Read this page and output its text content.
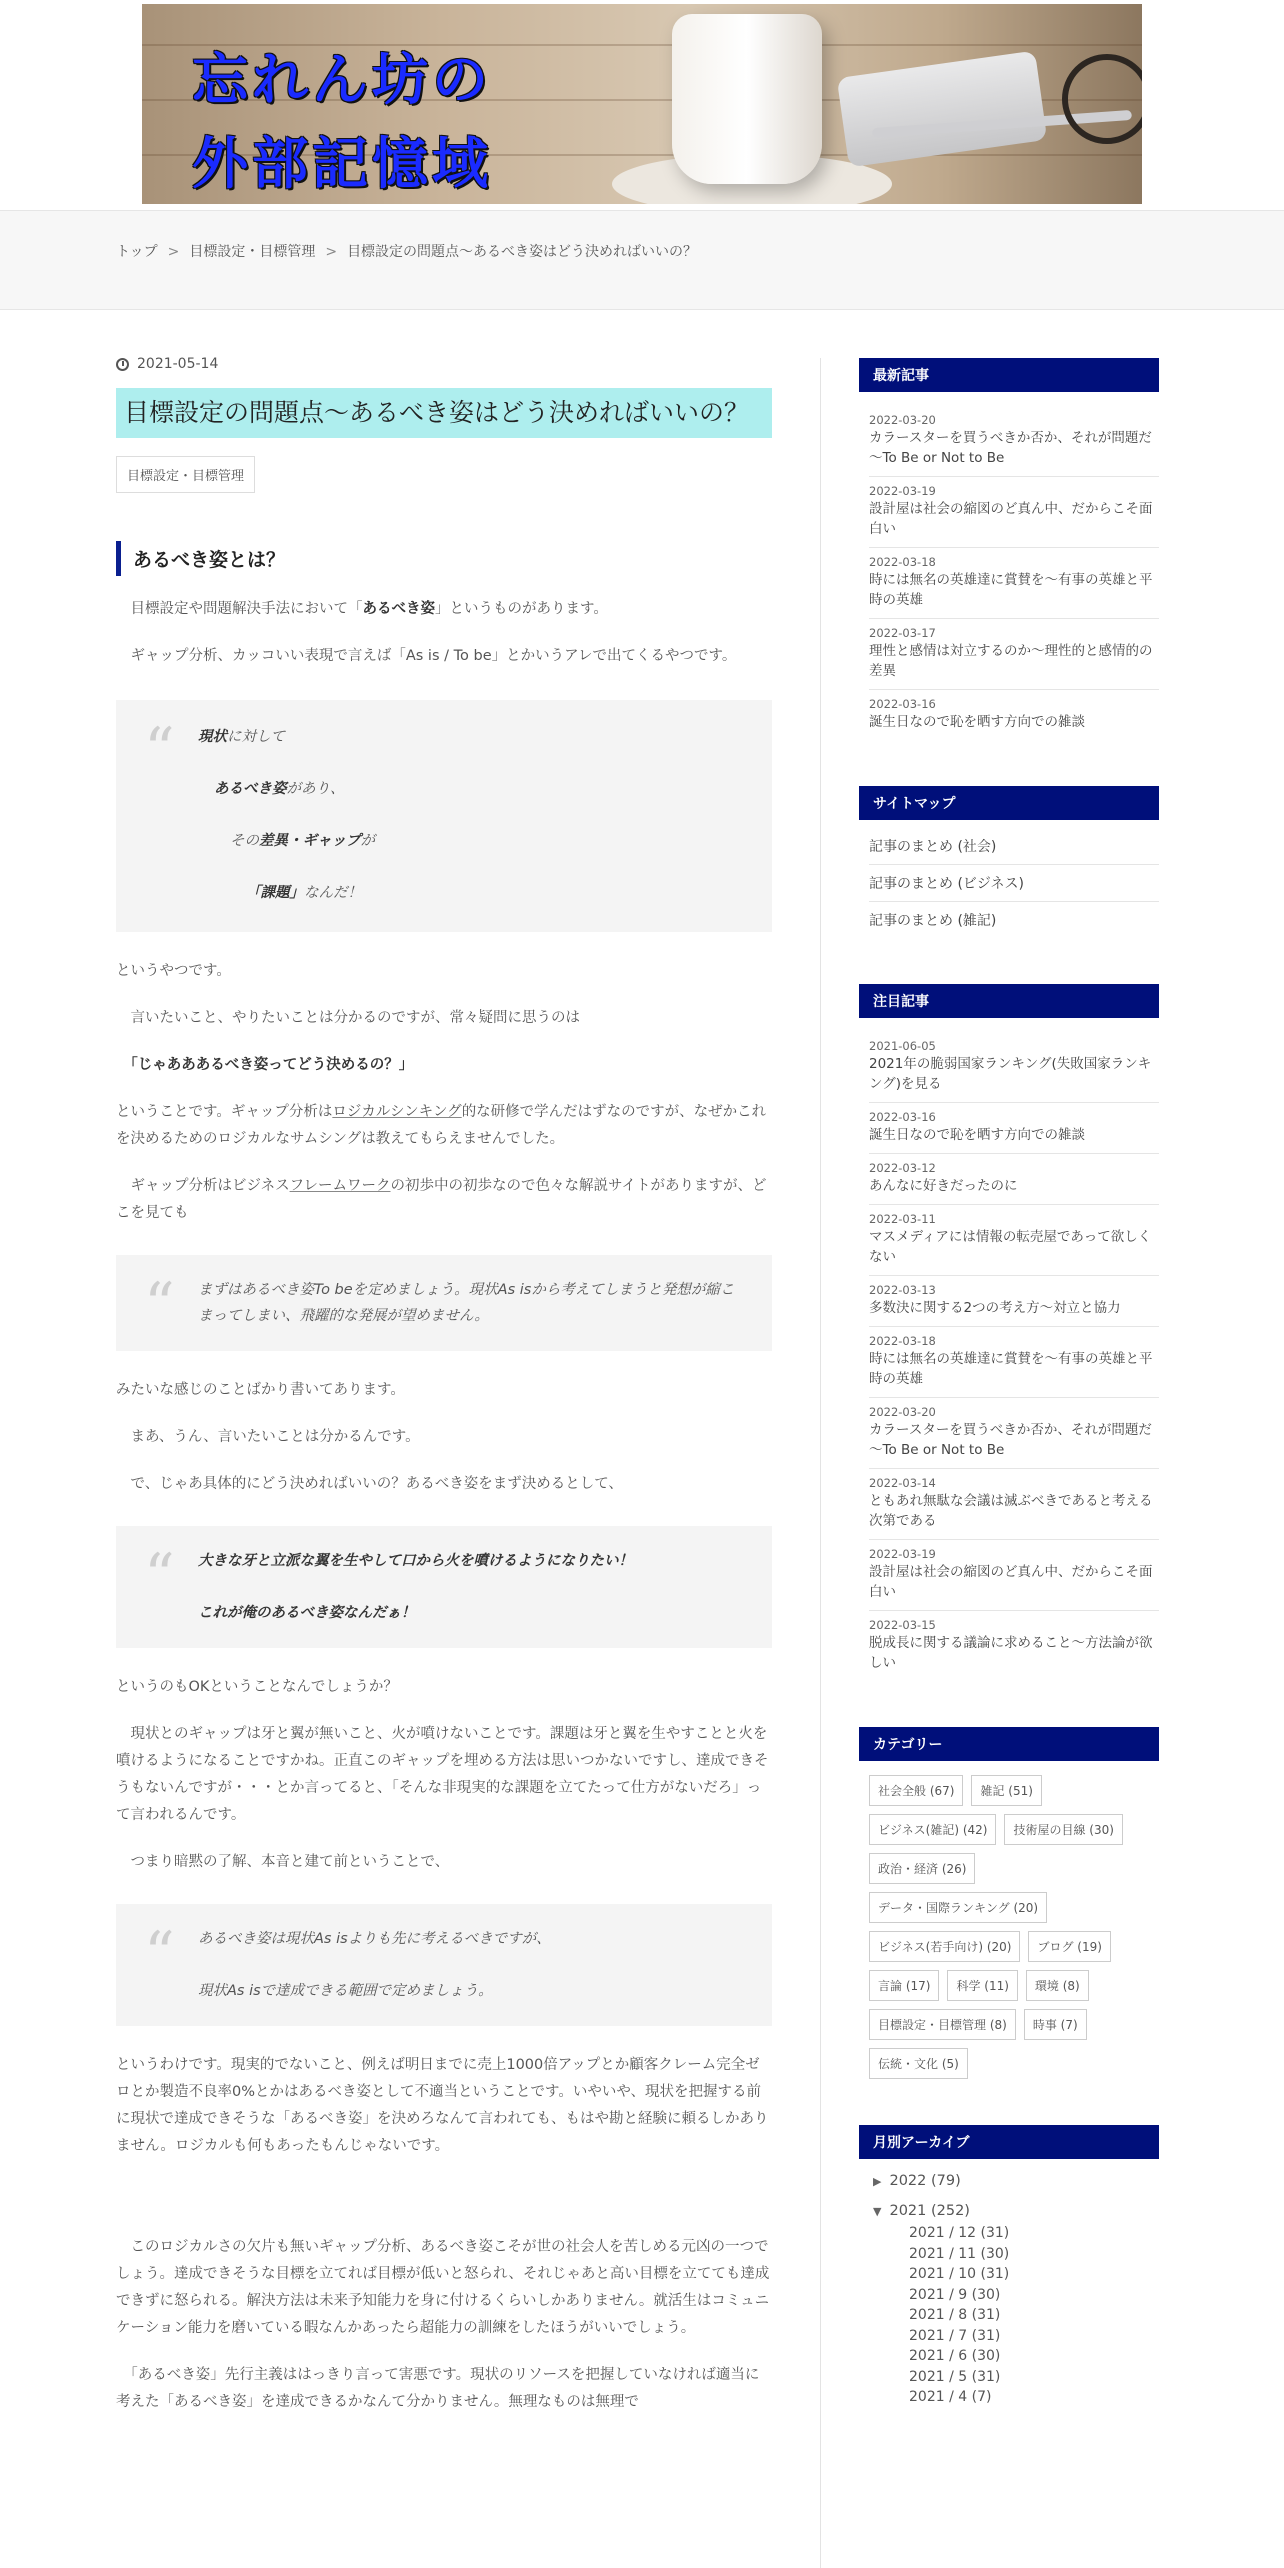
忘れん坊の
外部記憶域
トップ > 目標設定・目標管理 > 目標設定の問題点～あるべき姿はどう決めればいいの？
2021-05-14
目標設定の問題点～あるべき姿はどう決めればいいの？
目標設定・目標管理
あるべき姿とは？

　目標設定や問題解決手法において「あるべき姿」というものがあります。

　ギャップ分析、カッコいい表現で言えば「As is / To be」とかいうアレで出てくるやつです。

“ 現状に対して
あるべき姿があり、
その差異・ギャップが
「課題」なんだ！

というやつです。

　言いたいこと、やりたいことは分かるのですが、常々疑問に思うのは

　「じゃあああるべき姿ってどう決めるの？」

ということです。ギャップ分析はロジカルシンキング的な研修で学んだはずなのですが、なぜかこれを決めるためのロジカルなサムシングは教えてもらえませんでした。

　ギャップ分析はビジネスフレームワークの初歩中の初歩なので色々な解説サイトがありますが、どこを見ても

“ まずはあるべき姿To beを定めましょう。現状As isから考えてしまうと発想が縮こまってしまい、飛躍的な発展が望めません。

みたいな感じのことばかり書いてあります。

　まあ、うん、言いたいことは分かるんです。

　で、じゃあ具体的にどう決めればいいの？あるべき姿をまず決めるとして、

“ 大きな牙と立派な翼を生やして口から火を噴けるようになりたい！
これが俺のあるべき姿なんだぁ！

というのもOKということなんでしょうか？

　現状とのギャップは牙と翼が無いこと、火が噴けないことです。課題は牙と翼を生やすことと火を噴けるようになることですかね。正直このギャップを埋める方法は思いつかないですし、達成できそうもないんですが・・・とか言ってると、「そんな非現実的な課題を立てたって仕方がないだろ」って言われるんです。

　つまり暗黙の了解、本音と建て前ということで、

“ あるべき姿は現状As isよりも先に考えるべきですが、
現状As isで達成できる範囲で定めましょう。

というわけです。現実的でないこと、例えば明日までに売上1000倍アップとか顧客クレーム完全ゼロとか製造不良率0%とかはあるべき姿として不適当ということです。いやいや、現状を把握する前に現状で達成できそうな「あるべき姿」を決めろなんて言われても、もはや勘と経験に頼るしかありません。ロジカルも何もあったもんじゃないです。

　このロジカルさの欠片も無いギャップ分析、あるべき姿こそが世の社会人を苦しめる元凶の一つでしょう。達成できそうな目標を立てれば目標が低いと怒られ、それじゃあと高い目標を立てても達成できずに怒られる。解決方法は未来予知能力を身に付けるくらいしかありません。就活生はコミュニケーション能力を磨いている暇なんかあったら超能力の訓練をしたほうがいいでしょう。

　「あるべき姿」先行主義ははっきり言って害悪です。現状のリソースを把握していなければ適当に考えた「あるべき姿」を達成できるかなんて分かりません。無理なものは無理で

最新記事
2022-03-20
カラースターを買うべきか否か、それが問題だ～To Be or Not to Be
2022-03-19
設計屋は社会の縮図のど真ん中、だからこそ面白い
2022-03-18
時には無名の英雄達に賞賛を～有事の英雄と平時の英雄
2022-03-17
理性と感情は対立するのか～理性的と感情的の差異
2022-03-16
誕生日なので恥を晒す方向での雑談
サイトマップ
記事のまとめ (社会)
記事のまとめ (ビジネス)
記事のまとめ (雑記)
注目記事
2021-06-05
2021年の脆弱国家ランキング(失敗国家ランキング)を見る
2022-03-16
誕生日なので恥を晒す方向での雑談
2022-03-12
あんなに好きだったのに
2022-03-11
マスメディアには情報の転売屋であって欲しくない
2022-03-13
多数決に関する2つの考え方～対立と協力
2022-03-18
時には無名の英雄達に賞賛を～有事の英雄と平時の英雄
2022-03-20
カラースターを買うべきか否か、それが問題だ～To Be or Not to Be
2022-03-14
ともあれ無駄な会議は滅ぶべきであると考える次第である
2022-03-19
設計屋は社会の縮図のど真ん中、だからこそ面白い
2022-03-15
脱成長に関する議論に求めること～方法論が欲しい
カテゴリー
社会全般 (67)	雑記 (51)
ビジネス(雑記) (42)	技術屋の目線 (30)
政治・経済 (26)
データ・国際ランキング (20)
ビジネス(若手向け) (20)	ブログ (19)
言論 (17)	科学 (11)	環境 (8)
目標設定・目標管理 (8)	時事 (7)
伝統・文化 (5)
月別アーカイブ
▶ 2022 (79)
▼ 2021 (252)
2021 / 12 (31)
2021 / 11 (30)
2021 / 10 (31)
2021 / 9 (30)
2021 / 8 (31)
2021 / 7 (31)
2021 / 6 (30)
2021 / 5 (31)
2021 / 4 (7)
